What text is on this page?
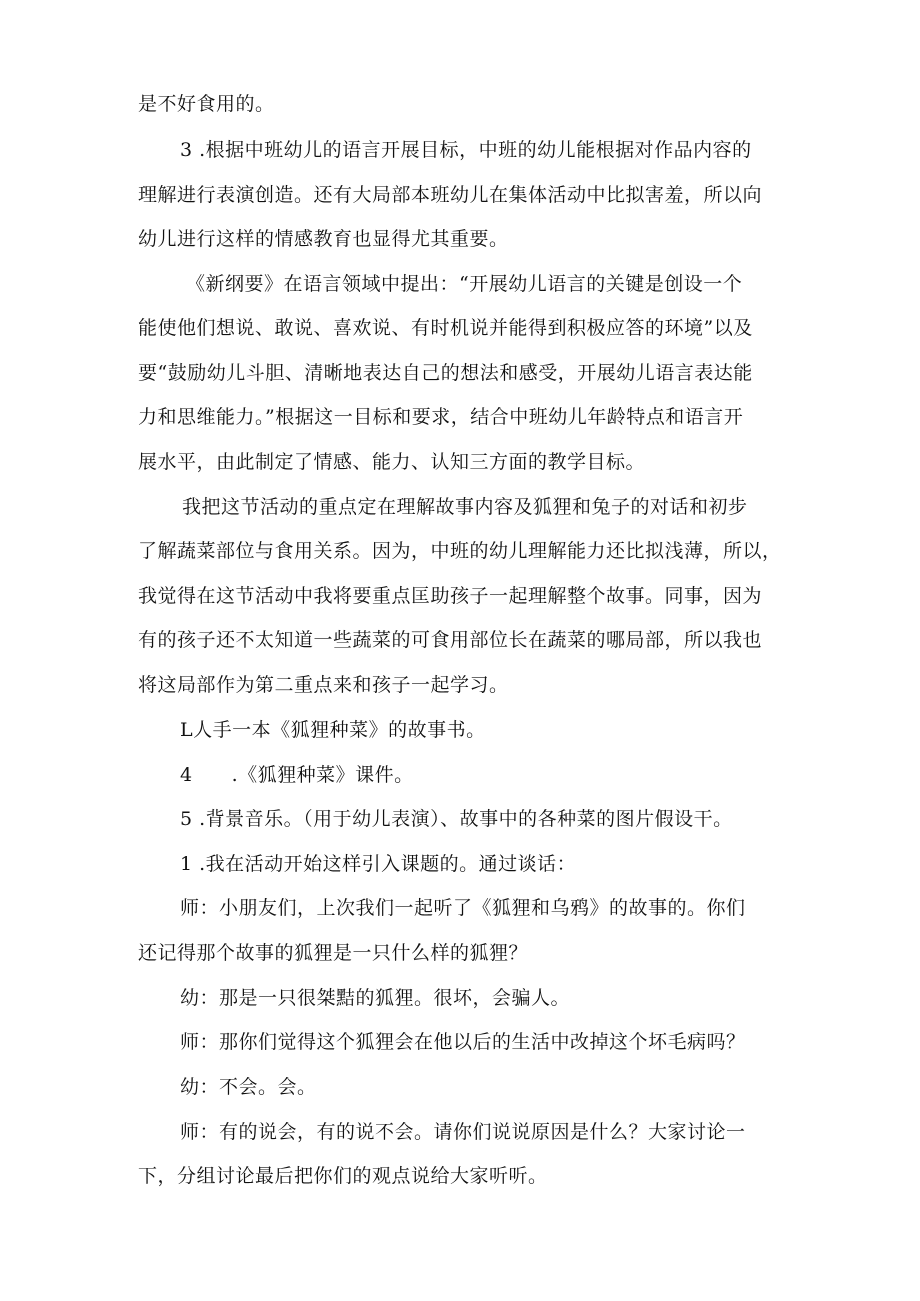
是不好食用的。
3 .根据中班幼儿的语言开展目标，中班的幼儿能根据对作品内容的
理解进行表演创造。还有大局部本班幼儿在集体活动中比拟害羞，所以向
幼儿进行这样的情感教育也显得尤其重要。
《新纲要》在语言领域中提出：“开展幼儿语言的关键是创设一个
能使他们想说、敢说、喜欢说、有时机说并能得到积极应答的环境”以及
要“鼓励幼儿斗胆、清晰地表达自己的想法和感受，开展幼儿语言表达能
力和思维能力。”根据这一目标和要求，结合中班幼儿年龄特点和语言开
展水平，由此制定了情感、能力、认知三方面的教学目标。
我把这节活动的重点定在理解故事内容及狐狸和兔子的对话和初步
了解蔬菜部位与食用关系。因为，中班的幼儿理解能力还比拟浅薄，所以，
我觉得在这节活动中我将要重点匡助孩子一起理解整个故事。同事，因为
有的孩子还不太知道一些蔬菜的可食用部位长在蔬菜的哪局部，所以我也
将这局部作为第二重点来和孩子一起学习。
L人手一本《狐狸种菜》的故事书。
4　　.《狐狸种菜》课件。
5 .背景音乐。（用于幼儿表演）、故事中的各种菜的图片假设干。
1 .我在活动开始这样引入课题的。通过谈话：
师：小朋友们，上次我们一起听了《狐狸和乌鸦》的故事的。你们
还记得那个故事的狐狸是一只什么样的狐狸？
幼：那是一只很桀黠的狐狸。很坏，会骗人。
师：那你们觉得这个狐狸会在他以后的生活中改掉这个坏毛病吗？
幼：不会。会。
师：有的说会，有的说不会。请你们说说原因是什么？大家讨论一
下，分组讨论最后把你们的观点说给大家听听。
